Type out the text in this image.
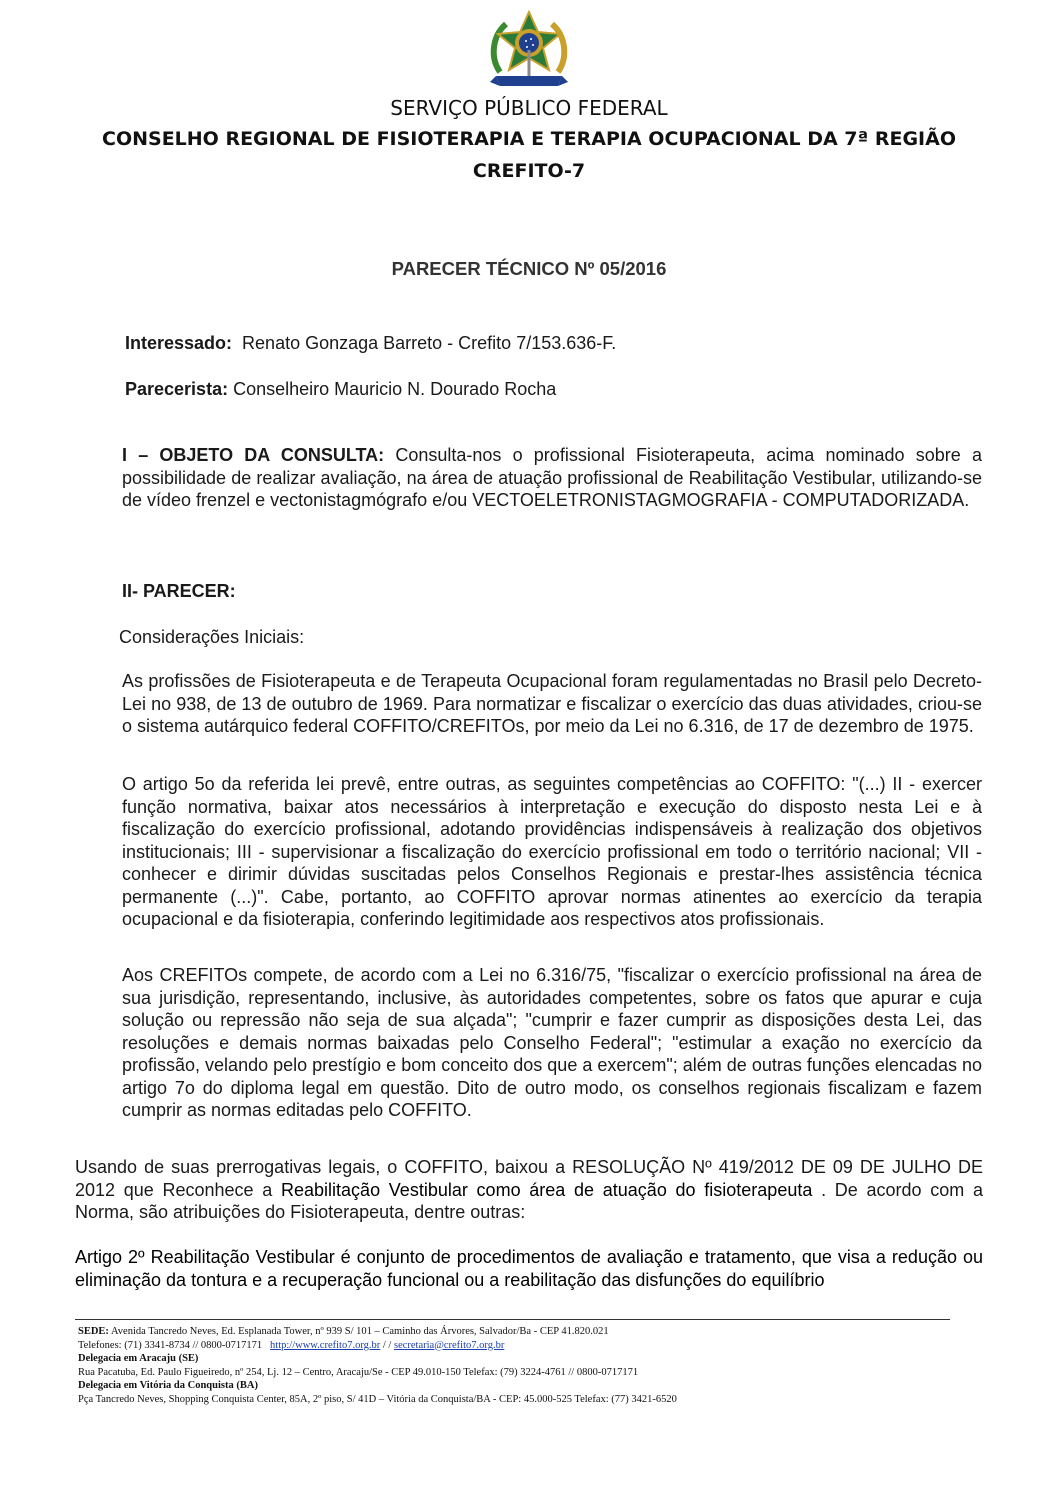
SERVIÇO PÚBLICO FEDERAL
CONSELHO REGIONAL DE FISIOTERAPIA E TERAPIA OCUPACIONAL DA 7ª REGIÃO
CREFITO-7
PARECER TÉCNICO Nº 05/2016
Interessado:  Renato Gonzaga Barreto - Crefito 7/153.636-F.
Parecerista: Conselheiro Mauricio N. Dourado Rocha
I – OBJETO DA CONSULTA: Consulta-nos o profissional Fisioterapeuta, acima nominado sobre a possibilidade de realizar avaliação, na área de atuação profissional de Reabilitação Vestibular, utilizando-se de vídeo frenzel e vectonistagmógrafo e/ou VECTOELETRONISTAGMOGRAFIA - COMPUTADORIZADA.
II- PARECER:
Considerações Iniciais:
As profissões de Fisioterapeuta e de Terapeuta Ocupacional foram regulamentadas no Brasil pelo Decreto-Lei no 938, de 13 de outubro de 1969. Para normatizar e fiscalizar o exercício das duas atividades, criou-se o sistema autárquico federal COFFITO/CREFITOs, por meio da Lei no 6.316, de 17 de dezembro de 1975.
O artigo 5o da referida lei prevê, entre outras, as seguintes competências ao COFFITO: "(...) II - exercer função normativa, baixar atos necessários à interpretação e execução do disposto nesta Lei e à fiscalização do exercício profissional, adotando providências indispensáveis à realização dos objetivos institucionais; III - supervisionar a fiscalização do exercício profissional em todo o território nacional; VII - conhecer e dirimir dúvidas suscitadas pelos Conselhos Regionais e prestar-lhes assistência técnica permanente (...)". Cabe, portanto, ao COFFITO aprovar normas atinentes ao exercício da terapia ocupacional e da fisioterapia, conferindo legitimidade aos respectivos atos profissionais.
Aos CREFITOs compete, de acordo com a Lei no 6.316/75, "fiscalizar o exercício profissional na área de sua jurisdição, representando, inclusive, às autoridades competentes, sobre os fatos que apurar e cuja solução ou repressão não seja de sua alçada"; "cumprir e fazer cumprir as disposições desta Lei, das resoluções e demais normas baixadas pelo Conselho Federal"; "estimular a exação no exercício da profissão, velando pelo prestígio e bom conceito dos que a exercem"; além de outras funções elencadas no artigo 7o do diploma legal em questão. Dito de outro modo, os conselhos regionais fiscalizam e fazem cumprir as normas editadas pelo COFFITO.
Usando de suas prerrogativas legais, o COFFITO, baixou a RESOLUÇÃO Nº 419/2012 DE 09 DE JULHO DE 2012 que Reconhece a Reabilitação Vestibular como área de atuação do fisioterapeuta . De acordo com a Norma, são atribuições do Fisioterapeuta, dentre outras:
Artigo 2º Reabilitação Vestibular é conjunto de procedimentos de avaliação e tratamento, que visa a redução ou eliminação da tontura e a recuperação funcional ou a reabilitação das disfunções do equilíbrio
SEDE: Avenida Tancredo Neves, Ed. Esplanada Tower, nº 939 S/ 101 – Caminho das Árvores, Salvador/Ba - CEP 41.820.021
Telefones: (71) 3341-8734 // 0800-0717171   http://www.crefito7.org.br / / secretaria@crefito7.org.br
Delegacia em Aracaju (SE)
Rua Pacatuba, Ed. Paulo Figueiredo, nº 254, Lj. 12 – Centro, Aracaju/Se - CEP 49.010-150 Telefax: (79) 3224-4761 // 0800-0717171
Delegacia em Vitória da Conquista (BA)
Pça Tancredo Neves, Shopping Conquista Center, 85A, 2º piso, S/ 41D – Vitória da Conquista/BA - CEP: 45.000-525 Telefax: (77) 3421-6520
